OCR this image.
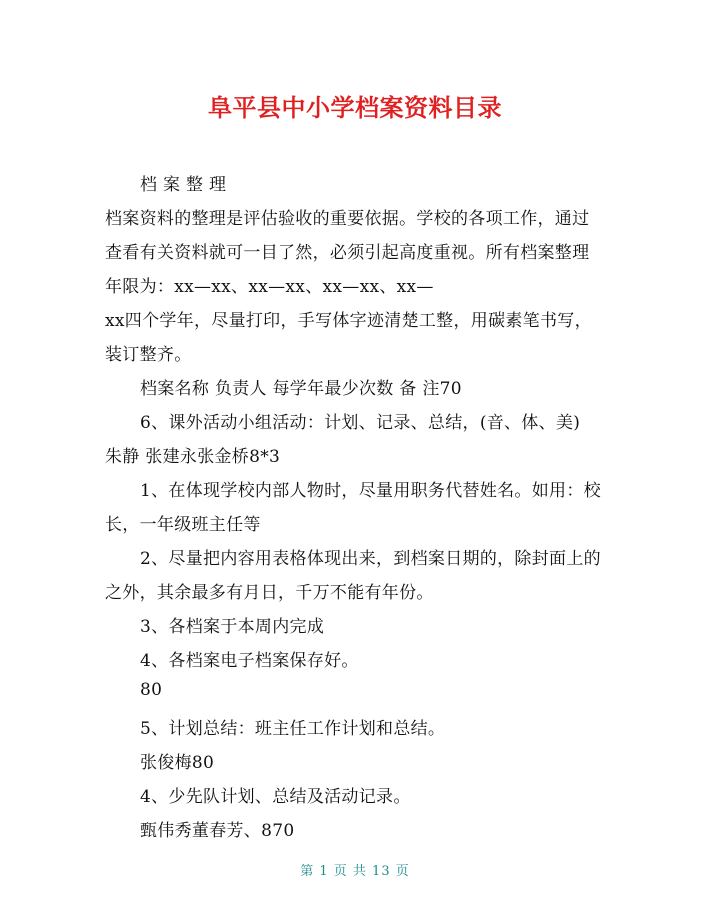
阜平县中小学档案资料目录
档 案 整 理
档案资料的整理是评估验收的重要依据。学校的各项工作，通过
查看有关资料就可一目了然，必须引起高度重视。所有档案整理
年限为：xx—xx、xx—xx、xx—xx、xx—
xx四个学年，尽量打印，手写体字迹清楚工整，用碳素笔书写，
装订整齐。
档案名称 负责人 每学年最少次数 备 注70
6、课外活动小组活动：计划、记录、总结，(音、体、美)
朱静 张建永张金桥8*3
1、在体现学校内部人物时，尽量用职务代替姓名。如用：校
长，一年级班主任等
2、尽量把内容用表格体现出来，到档案日期的，除封面上的
之外，其余最多有月日，千万不能有年份。
3、各档案于本周内完成
4、各档案电子档案保存好。
80
5、计划总结：班主任工作计划和总结。
张俊梅80
4、少先队计划、总结及活动记录。
甄伟秀董春芳、870
第 1 页 共 13 页
